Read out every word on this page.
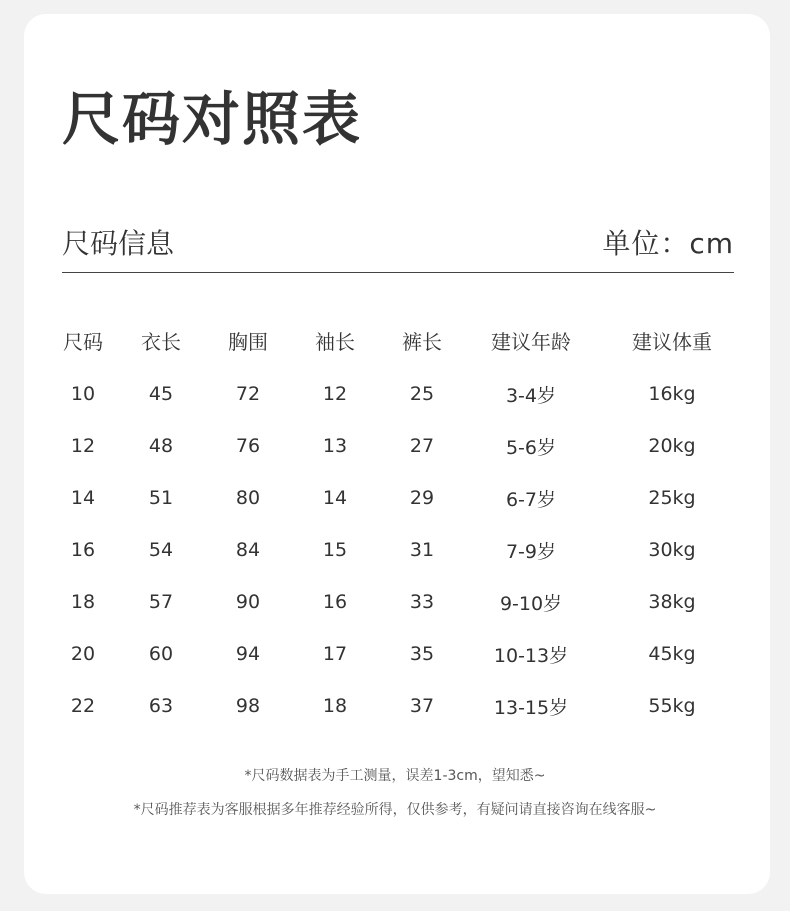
尺码对照表
尺码信息	单位：cm
尺码	衣长	胸围	袖长	裤长	建议年龄	建议体重
10	45	72	12	25	3-4岁	16kg
12	48	76	13	27	5-6岁	20kg
14	51	80	14	29	6-7岁	25kg
16	54	84	15	31	7-9岁	30kg
18	57	90	16	33	9-10岁	38kg
20	60	94	17	35	10-13岁	45kg
22	63	98	18	37	13-15岁	55kg

*尺码数据表为手工测量，误差1-3cm，望知悉~

*尺码推荐表为客服根据多年推荐经验所得，仅供参考，有疑问请直接咨询在线客服~
